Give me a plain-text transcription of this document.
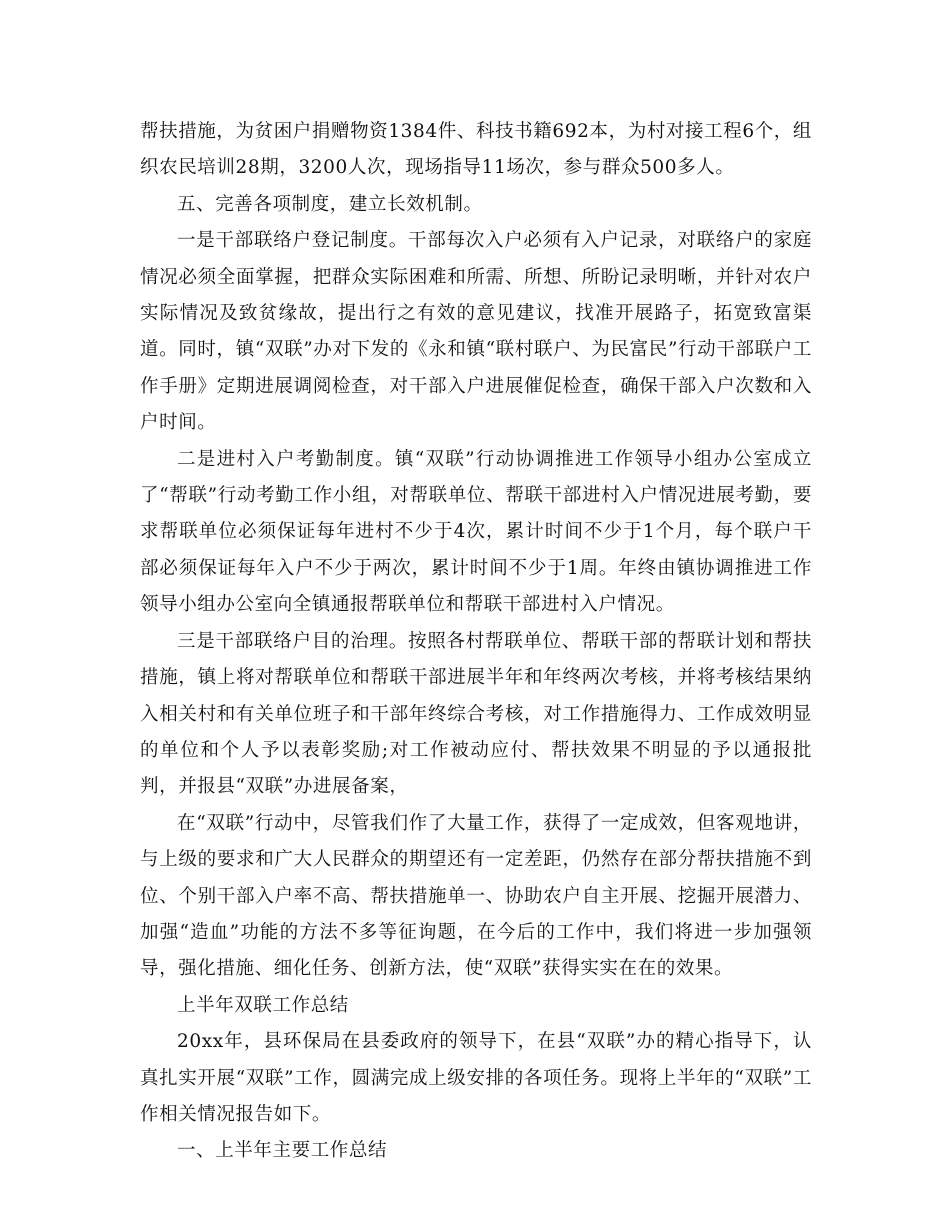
帮扶措施，为贫困户捐赠物资1384件、科技书籍692本，为村对接工程6个，组织农民培训28期，3200人次，现场指导11场次，参与群众500多人。

五、完善各项制度，建立长效机制。

一是干部联络户登记制度。干部每次入户必须有入户记录，对联络户的家庭情况必须全面掌握，把群众实际困难和所需、所想、所盼记录明晰，并针对农户实际情况及致贫缘故，提出行之有效的意见建议，找准开展路子，拓宽致富渠道。同时，镇“双联”办对下发的《永和镇“联村联户、为民富民”行动干部联户工作手册》定期进展调阅检查，对干部入户进展催促检查，确保干部入户次数和入户时间。

二是进村入户考勤制度。镇“双联”行动协调推进工作领导小组办公室成立了“帮联”行动考勤工作小组，对帮联单位、帮联干部进村入户情况进展考勤，要求帮联单位必须保证每年进村不少于4次，累计时间不少于1个月，每个联户干部必须保证每年入户不少于两次，累计时间不少于1周。年终由镇协调推进工作领导小组办公室向全镇通报帮联单位和帮联干部进村入户情况。

三是干部联络户目的治理。按照各村帮联单位、帮联干部的帮联计划和帮扶措施，镇上将对帮联单位和帮联干部进展半年和年终两次考核，并将考核结果纳入相关村和有关单位班子和干部年终综合考核，对工作措施得力、工作成效明显的单位和个人予以表彰奖励;对工作被动应付、帮扶效果不明显的予以通报批判，并报县“双联”办进展备案，

在“双联”行动中，尽管我们作了大量工作，获得了一定成效，但客观地讲，与上级的要求和广大人民群众的期望还有一定差距，仍然存在部分帮扶措施不到位、个别干部入户率不高、帮扶措施单一、协助农户自主开展、挖掘开展潜力、加强“造血”功能的方法不多等征询题，在今后的工作中，我们将进一步加强领导，强化措施、细化任务、创新方法，使“双联”获得实实在在的效果。

上半年双联工作总结

20xx年，县环保局在县委政府的领导下，在县“双联”办的精心指导下，认真扎实开展“双联”工作，圆满完成上级安排的各项任务。现将上半年的“双联”工作相关情况报告如下。

一、上半年主要工作总结
